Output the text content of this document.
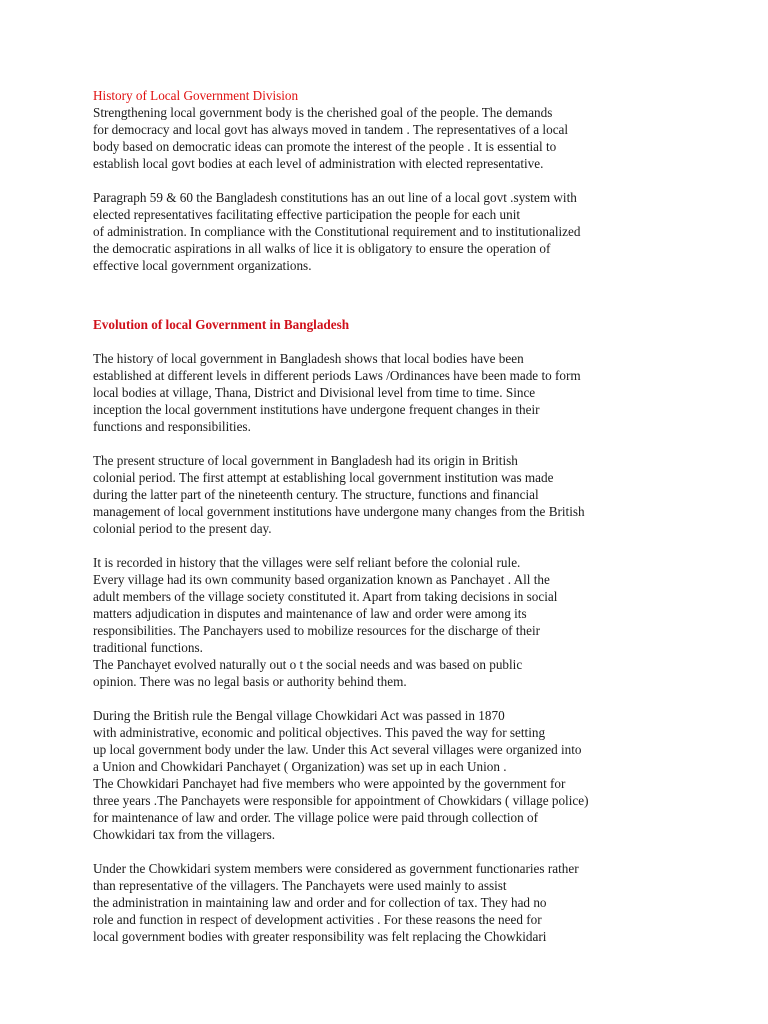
History of Local Government Division
Strengthening local government body is the cherished goal of the people. The demands
for democracy and local govt has always moved in tandem . The representatives of a local
body based on democratic ideas can promote the interest of the people . It is essential to
establish local govt bodies at each level of administration with elected representative.
Paragraph 59 & 60 the Bangladesh constitutions has an out line of a local govt .system with
elected representatives facilitating effective participation the people for each unit
of administration. In compliance with the Constitutional requirement and to institutionalized
the democratic aspirations in all walks of lice it is obligatory to ensure the operation of
effective local government organizations.
Evolution of local Government in Bangladesh
The history of local government in Bangladesh shows that local bodies have been
established at different levels in different periods Laws /Ordinances have been made to form
local bodies at village, Thana, District and Divisional level from time to time. Since
inception the local government institutions have undergone frequent changes in their
functions and responsibilities.
The present structure of local government in Bangladesh had its origin in British
colonial period. The first attempt at establishing local government institution was made
during the latter part of the nineteenth century. The structure, functions and financial
management of local government institutions have undergone many changes from the British
colonial period to the present day.
It is recorded in history that the villages were self reliant before the colonial rule.
Every village had its own community based organization known as Panchayet . All the
adult members of the village society constituted it. Apart from taking decisions in social
matters adjudication in disputes and maintenance of law and order were among its
responsibilities. The Panchayers used to mobilize resources for the discharge of their
traditional functions.
The Panchayet evolved naturally out o t the social needs and was based on public
opinion. There was no legal basis or authority behind them.
During the British rule the Bengal village Chowkidari Act was passed in 1870
with administrative, economic and political objectives. This paved the way for setting
up local government body under the law. Under this Act several villages were organized into
a Union and Chowkidari Panchayet ( Organization) was set up in each Union .
The Chowkidari Panchayet had five members who were appointed by the government for
three years .The Panchayets were responsible for appointment of Chowkidars ( village police)
for maintenance of law and order. The village police were paid through collection of
Chowkidari tax from the villagers.
Under the Chowkidari system members were considered as government functionaries rather
than representative of the villagers. The Panchayets were used mainly to assist
the administration in maintaining law and order and for collection of tax. They had no
role and function in respect of development activities . For these reasons the need for
local government bodies with greater responsibility was felt replacing the Chowkidari
